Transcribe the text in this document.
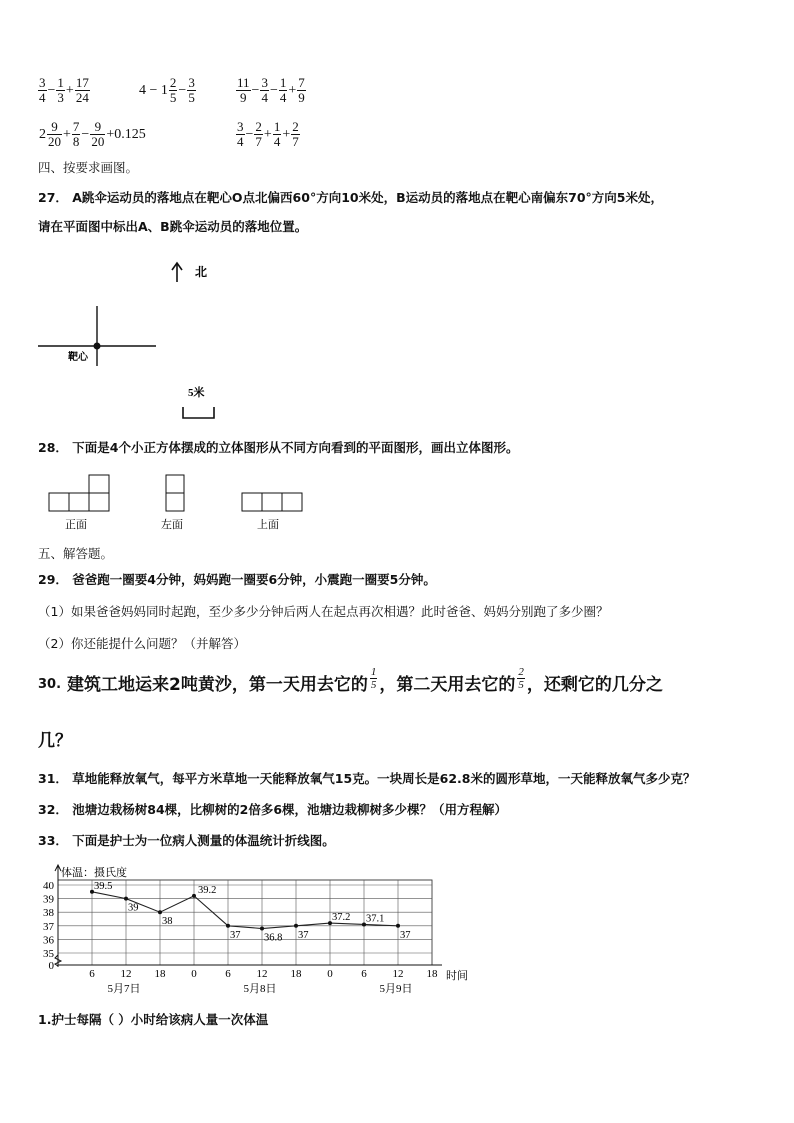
$\frac{3}{4} - \frac{1}{3} + \frac{17}{24}$	$4 - 1 \frac{2}{5} - \frac{3}{5}$	$\frac{11}{9} - \frac{3}{4} - \frac{1}{4} + \frac{7}{9}$
$2 \frac{9}{20} + \frac{7}{8} - \frac{9}{20} +0.125$	$\frac{3}{4} - \frac{2}{7} + \frac{1}{4} + \frac{2}{7}$
四、按要求画图。
27． A跳伞运动员的落地点在靶心O点北偏西60°方向10米处，B运动员的落地点在靶心南偏东70°方向5米处，
请在平面图中标出A、B跳伞运动员的落地位置。
北
靶心
5米
28． 下面是4个小正方体摆成的立体图形从不同方向看到的平面图形，画出立体图形。
正面	左面	上面
五、解答题。
29． 爸爸跑一圈要4分钟，妈妈跑一圈要6分钟，小震跑一圈要5分钟。
（1）如果爸爸妈妈同时起跑，至少多少分钟后两人在起点再次相遇？此时爸爸、妈妈分别跑了多少圈？
（2）你还能提什么问题？（并解答）
30. 建筑工地运来2吨黄沙，第一天用去它的 $\frac{1}{5}$ ，第二天用去它的 $\frac{2}{5}$ ，还剩它的几分之
几？
31． 草地能释放氧气，每平方米草地一天能释放氧气15克。一块周长是62.8米的圆形草地，一天能释放氧气多少克？
32． 池塘边栽杨树84棵，比柳树的2倍多6棵，池塘边栽柳树多少棵？（用方程解）
33． 下面是护士为一位病人测量的体温统计折线图。
体温：摄氏度
0
35
36
37
38
39
40
6 12 18 0	6 12 18 0	6 12 18 时间
5月7日	5月8日	5月9日
39.5
39
38
39.2
37 36.8 37
37.2 37.1
37
1.护士每隔（ ）小时给该病人量一次体温
